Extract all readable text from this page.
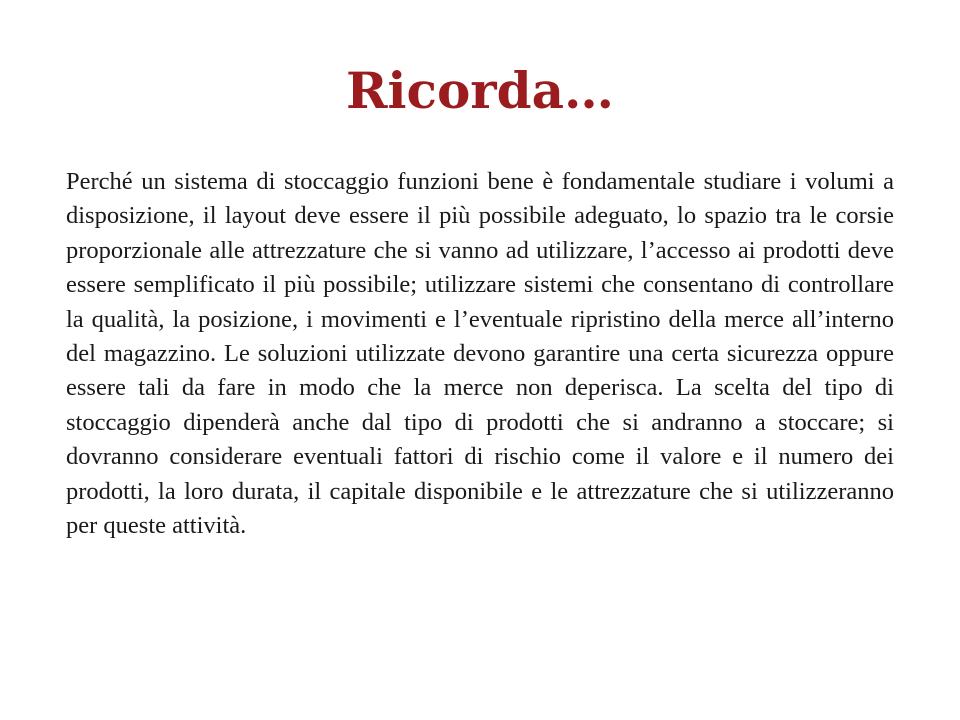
Ricorda…

Perché un sistema di stoccaggio funzioni bene è fondamentale studiare i volumi a disposizione, il layout deve essere il più possibile adeguato, lo spazio tra le corsie proporzionale alle attrezzature che si vanno ad utilizzare, l’accesso ai prodotti deve essere semplificato il più possibile; utilizzare sistemi che consentano di controllare la qualità, la posizione, i movimenti e l’eventuale ripristino della merce all’interno del magazzino. Le soluzioni utilizzate devono garantire una certa sicurezza oppure essere tali da fare in modo che la merce non deperisca. La scelta del tipo di stoccaggio dipenderà anche dal tipo di prodotti che si andranno a stoccare; si dovranno considerare eventuali fattori di rischio come il valore e il numero dei prodotti, la loro durata, il capitale disponibile e le attrezzature che si utilizzeranno per queste attività.
